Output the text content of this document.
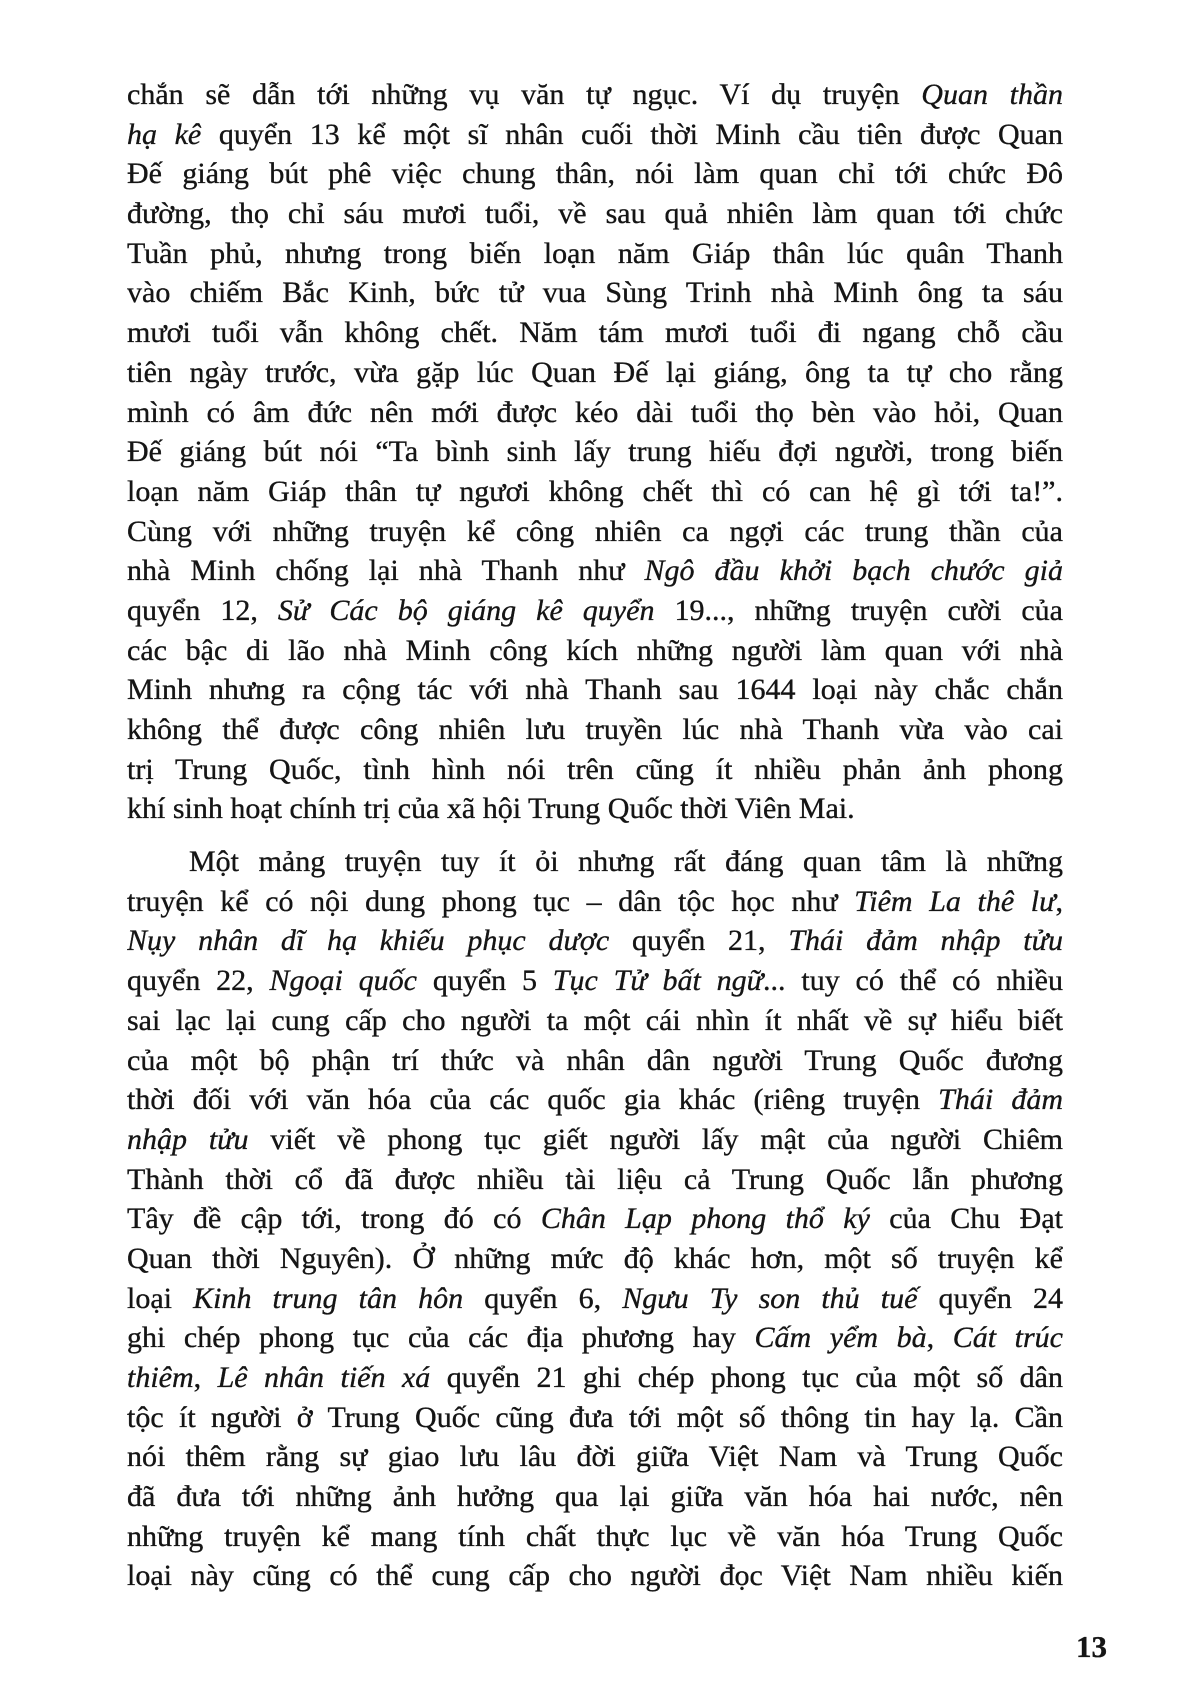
chắn sẽ dẫn tới những vụ văn tự ngục. Ví dụ truyện Quan thần
hạ kê quyển 13 kể một sĩ nhân cuối thời Minh cầu tiên được Quan
Đế giáng bút phê việc chung thân, nói làm quan chỉ tới chức Đô
đường, thọ chỉ sáu mươi tuổi, về sau quả nhiên làm quan tới chức
Tuần phủ, nhưng trong biến loạn năm Giáp thân lúc quân Thanh
vào chiếm Bắc Kinh, bức tử vua Sùng Trinh nhà Minh ông ta sáu
mươi tuổi vẫn không chết. Năm tám mươi tuổi đi ngang chỗ cầu
tiên ngày trước, vừa gặp lúc Quan Đế lại giáng, ông ta tự cho rằng
mình có âm đức nên mới được kéo dài tuổi thọ bèn vào hỏi, Quan
Đế giáng bút nói “Ta bình sinh lấy trung hiếu đợi người, trong biến
loạn năm Giáp thân tự ngươi không chết thì có can hệ gì tới ta!”.
Cùng với những truyện kể công nhiên ca ngợi các trung thần của
nhà Minh chống lại nhà Thanh như Ngô đầu khởi bạch chước giả
quyển 12, Sử Các bộ giáng kê quyển 19..., những truyện cười của
các bậc di lão nhà Minh công kích những người làm quan với nhà
Minh nhưng ra cộng tác với nhà Thanh sau 1644 loại này chắc chắn
không thể được công nhiên lưu truyền lúc nhà Thanh vừa vào cai
trị Trung Quốc, tình hình nói trên cũng ít nhiều phản ảnh phong
khí sinh hoạt chính trị của xã hội Trung Quốc thời Viên Mai.
Một mảng truyện tuy ít ỏi nhưng rất đáng quan tâm là những
truyện kể có nội dung phong tục – dân tộc học như Tiêm La thê lư,
Nụy nhân dĩ hạ khiếu phục dược quyển 21, Thái đảm nhập tửu
quyển 22, Ngoại quốc quyển 5 Tục Tử bất ngữ... tuy có thể có nhiều
sai lạc lại cung cấp cho người ta một cái nhìn ít nhất về sự hiểu biết
của một bộ phận trí thức và nhân dân người Trung Quốc đương
thời đối với văn hóa của các quốc gia khác (riêng truyện Thái đảm
nhập tửu viết về phong tục giết người lấy mật của người Chiêm
Thành thời cổ đã được nhiều tài liệu cả Trung Quốc lẫn phương
Tây đề cập tới, trong đó có Chân Lạp phong thổ ký của Chu Đạt
Quan thời Nguyên). Ở những mức độ khác hơn, một số truyện kể
loại Kinh trung tân hôn quyển 6, Ngưu Ty son thủ tuế quyển 24
ghi chép phong tục của các địa phương hay Cấm yểm bà, Cát trúc
thiêm, Lê nhân tiến xá quyển 21 ghi chép phong tục của một số dân
tộc ít người ở Trung Quốc cũng đưa tới một số thông tin hay lạ. Cần
nói thêm rằng sự giao lưu lâu đời giữa Việt Nam và Trung Quốc
đã đưa tới những ảnh hưởng qua lại giữa văn hóa hai nước, nên
những truyện kể mang tính chất thực lục về văn hóa Trung Quốc
loại này cũng có thể cung cấp cho người đọc Việt Nam nhiều kiến
13
